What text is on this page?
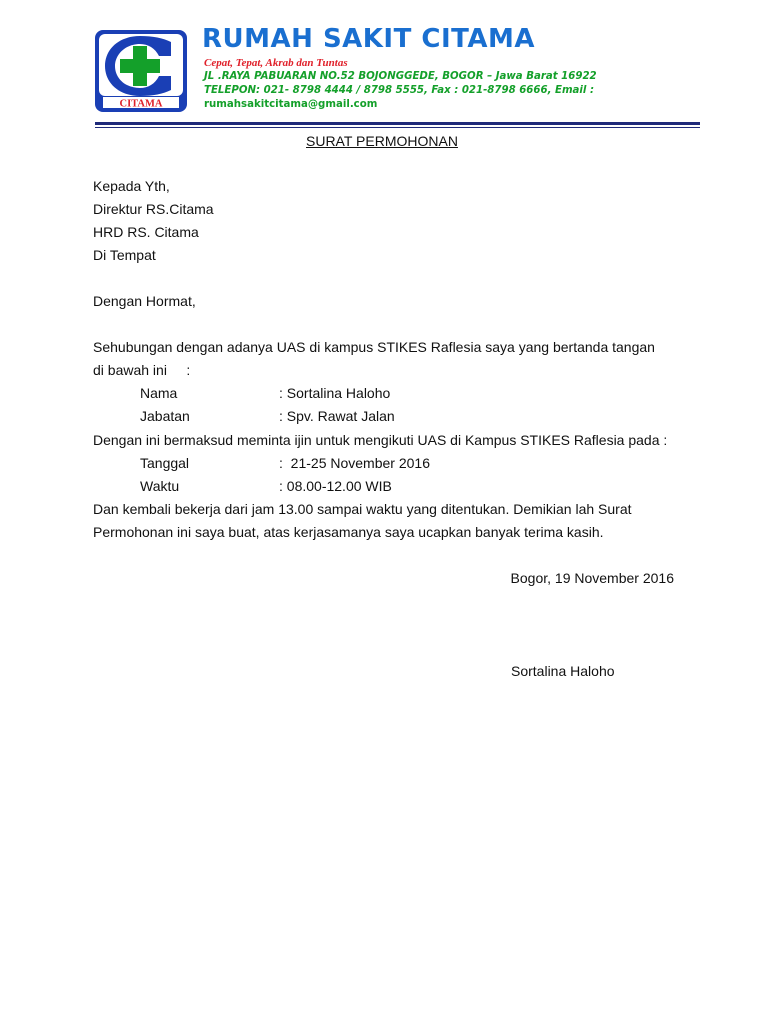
CITAMA
RUMAH SAKIT CITAMA
Cepat, Tepat, Akrab dan Tuntas
JL .RAYA PABUARAN NO.52 BOJONGGEDE, BOGOR – Jawa Barat 16922
TELEPON: 021- 8798 4444 / 8798 5555, Fax : 021-8798 6666, Email :
rumahsakitcitama@gmail.com
SURAT PERMOHONAN
Kepada Yth,
Direktur RS.Citama
HRD RS. Citama
Di Tempat
Dengan Hormat,
Sehubungan dengan adanya UAS di kampus STIKES Raflesia saya yang bertanda tangan
di bawah ini     :
Nama	: Sortalina Haloho
Jabatan	: Spv. Rawat Jalan
Dengan ini bermaksud meminta ijin untuk mengikuti UAS di Kampus STIKES Raflesia pada :
Tanggal	:  21-25 November 2016
Waktu	: 08.00-12.00 WIB
Dan kembali bekerja dari jam 13.00 sampai waktu yang ditentukan. Demikian lah Surat
Permohonan ini saya buat, atas kerjasamanya saya ucapkan banyak terima kasih.
Bogor, 19 November 2016
Sortalina Haloho
